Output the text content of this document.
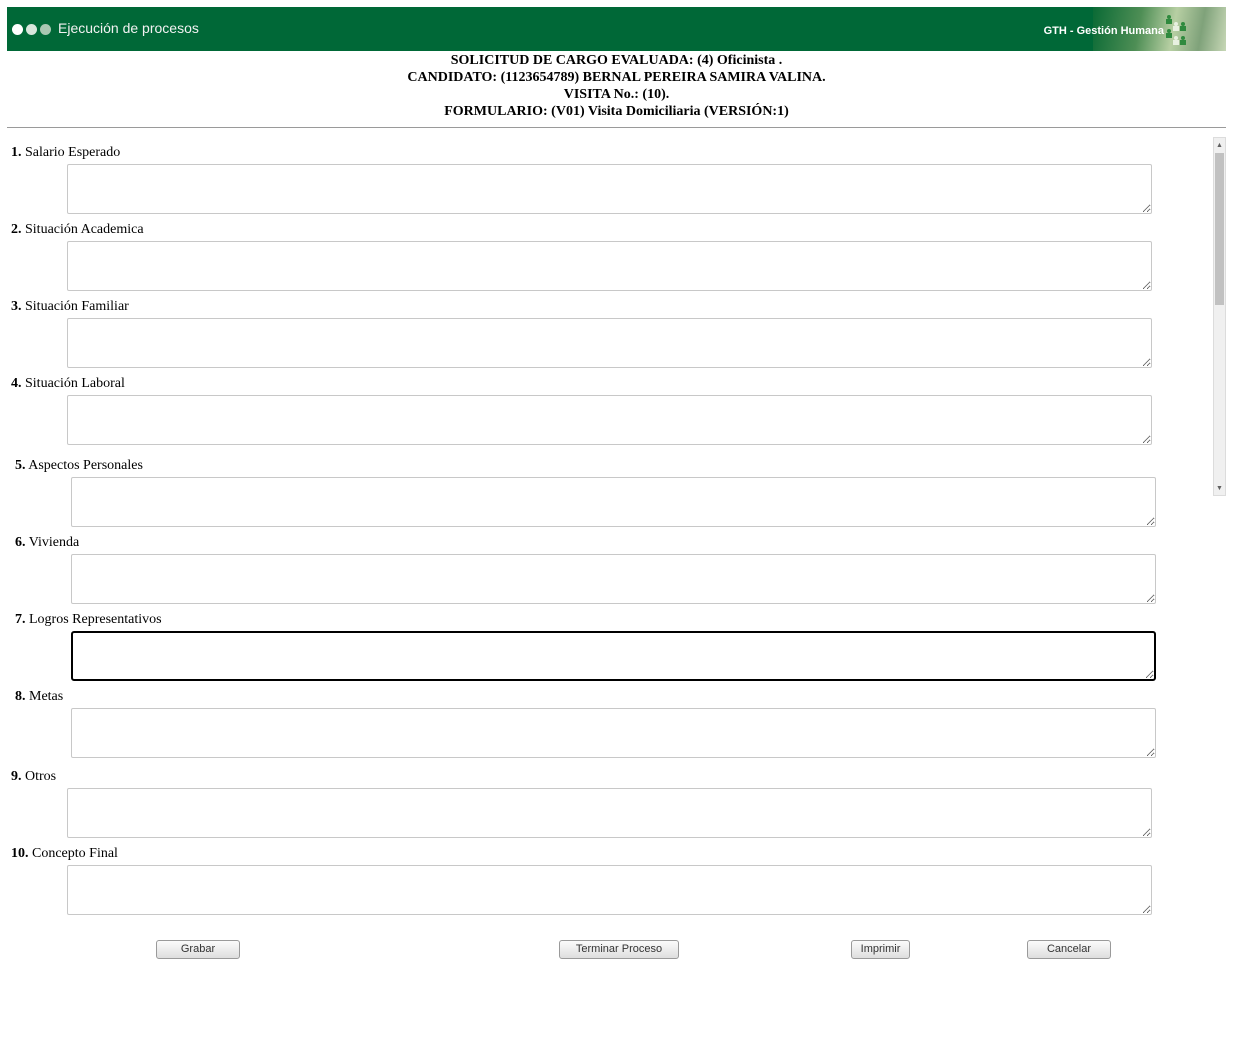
Ejecución de procesos	GTH - Gestión Humana
SOLICITUD DE CARGO EVALUADA: (4) Oficinista .
CANDIDATO: (1123654789) BERNAL PEREIRA SAMIRA VALINA.
VISITA No.: (10).
FORMULARIO: (V01) Visita Domiciliaria (VERSIÓN:1)
▲
▼
1. Salario Esperado
2. Situación Academica
3. Situación Familiar
4. Situación Laboral
5. Aspectos Personales
6. Vivienda
7. Logros Representativos
8. Metas
9. Otros
10. Concepto Final
Grabar	Terminar Proceso	Imprimir	Cancelar
